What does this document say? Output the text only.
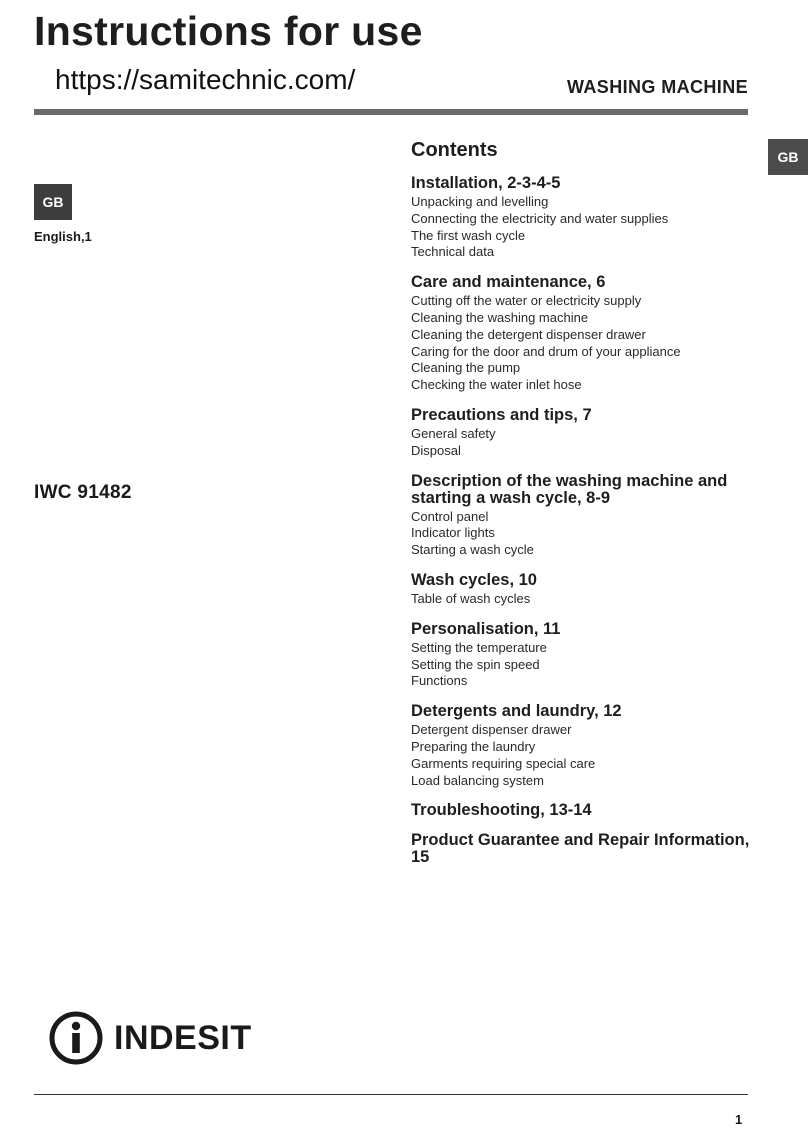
Instructions for use
https://samitechnic.com/	WASHING MACHINE
GB
GB
English,1
IWC 91482
Contents
Installation, 2-3-4-5
Unpacking and levelling
Connecting the electricity and water supplies
The first wash cycle
Technical data
Care and maintenance, 6
Cutting off the water or electricity supply
Cleaning the washing machine
Cleaning the detergent dispenser drawer
Caring for the door and drum of your appliance
Cleaning the pump
Checking the water inlet hose
Precautions and tips, 7
General safety
Disposal
Description of the washing machine and starting a wash cycle, 8-9
Control panel
Indicator lights
Starting a wash cycle
Wash cycles, 10
Table of wash cycles
Personalisation, 11
Setting the temperature
Setting the spin speed
Functions
Detergents and laundry, 12
Detergent dispenser drawer
Preparing the laundry
Garments requiring special care
Load balancing system
Troubleshooting, 13-14
Product Guarantee and Repair Information, 15
INDESIT
1
